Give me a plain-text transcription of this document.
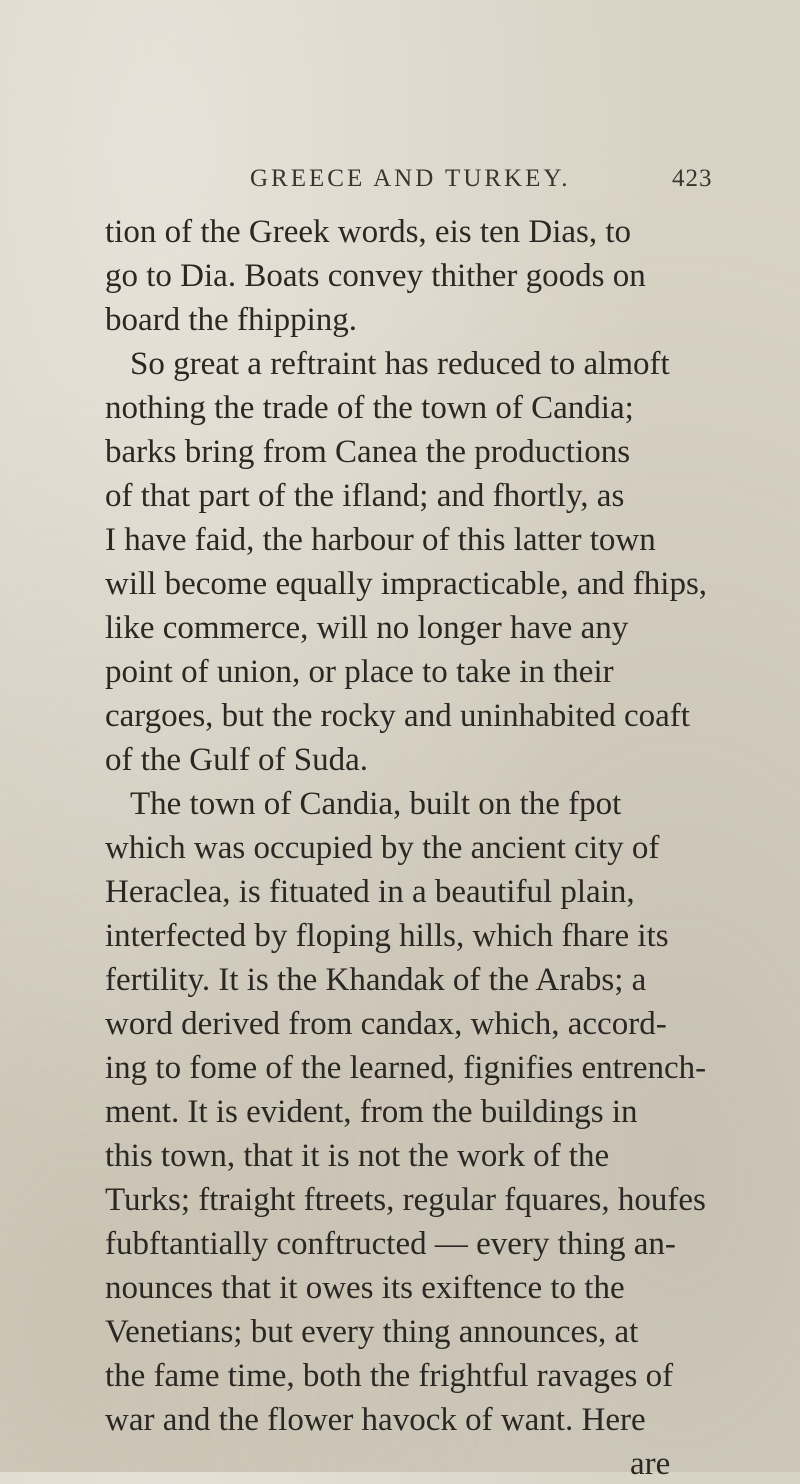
GREECE AND TURKEY.	423
tion of the Greek words, eis ten Dias, to
go to Dia. Boats convey thither goods on
board the fhipping.
So great a reftraint has reduced to almoft
nothing the trade of the town of Candia;
barks bring from Canea the productions
of that part of the ifland; and fhortly, as
I have faid, the harbour of this latter town
will become equally impracticable, and fhips,
like commerce, will no longer have any
point of union, or place to take in their
cargoes, but the rocky and uninhabited coaft
of the Gulf of Suda.
The town of Candia, built on the fpot
which was occupied by the ancient city of
Heraclea, is fituated in a beautiful plain,
interfected by floping hills, which fhare its
fertility. It is the Khandak of the Arabs; a
word derived from candax, which, accord-
ing to fome of the learned, fignifies entrench-
ment. It is evident, from the buildings in
this town, that it is not the work of the
Turks; ftraight ftreets, regular fquares, houfes
fubftantially conftructed — every thing an-
nounces that it owes its exiftence to the
Venetians; but every thing announces, at
the fame time, both the frightful ravages of
war and the flower havock of want. Here
are
